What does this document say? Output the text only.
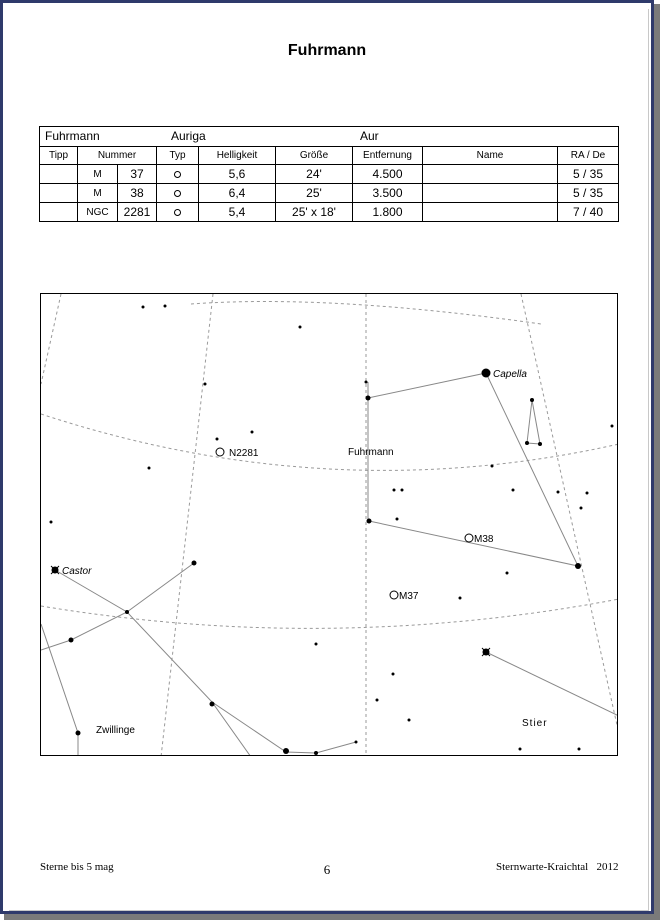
Fuhrmann
Fuhrmann Auriga Aur								

Tipp	Nummer		Typ	Helligkeit	Größe	Entfernung	Name	RA / De
	M	37		5,6	24'	4.500		5 / 35
	M	38		6,4	25'	3.500		5 / 35
	NGC	2281		5,4	25' x 18'	1.800		7 / 40
N2281
M38
M37
Capella
Castor
Fuhrmann
Zwillinge
Stier
Sterne bis 5 mag	6	Sternwarte-Kraichtal   2012
